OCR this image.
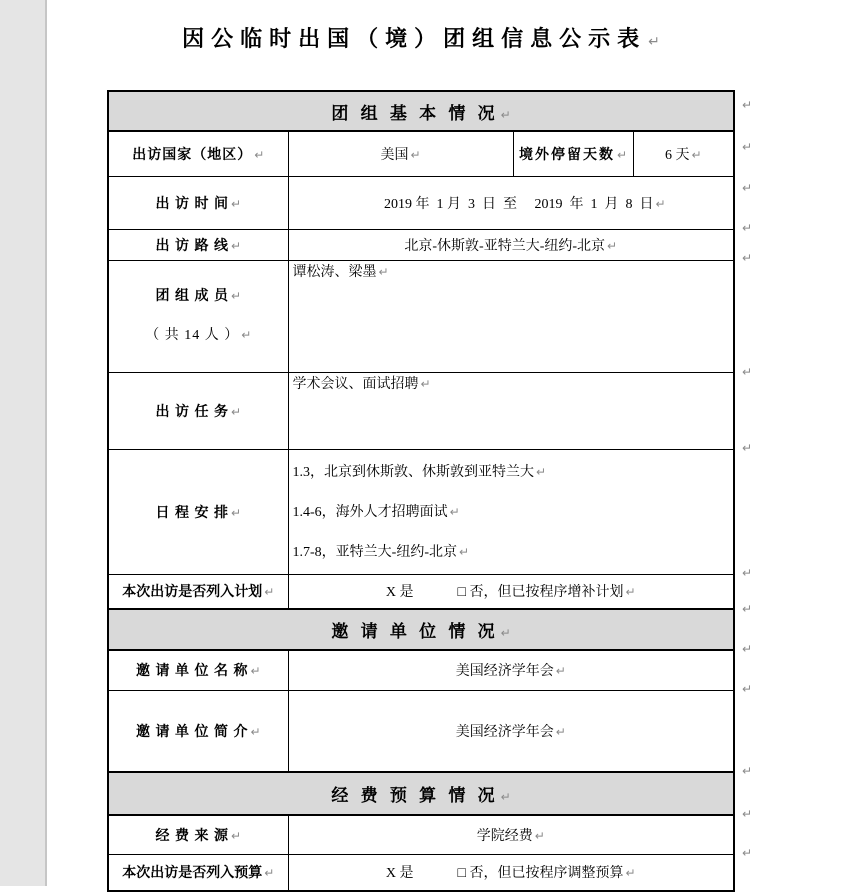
因公临时出国（境）团组信息公示表 ↵
团 组 基 本 情 况 ↵			
出访国家（地区） ↵	美国 ↵	境外停留天数 ↵	6 天 ↵
出 访 时 间 ↵	2019 年  1 月  3  日  至     2019  年  1  月  8  日 ↵		

出 访 路 线 ↵	北京-休斯敦-亚特兰大-纽约-北京 ↵		

团 组 成 员 ↵
（ 共 14 人 ） ↵	谭松涛、梁墨 ↵		
出 访 任 务 ↵	学术会议、面试招聘 ↵		
日 程 安 排 ↵	1.3，北京到休斯敦、休斯敦到亚特兰大 ↵
1.4-6，海外人才招聘面试 ↵
1.7-8，亚特兰大-纽约-北京 ↵		

本次出访是否列入计划 ↵	X 是 □ 否，但已按程序增补计划 ↵		
邀 请 单 位 情 况 ↵			
邀 请 单 位 名 称 ↵	美国经济学年会 ↵		
邀 请 单 位 简 介 ↵	美国经济学年会 ↵		
经 费 预 算 情 况 ↵			
经 费 来 源 ↵	学院经费 ↵		
本次出访是否列入预算 ↵	X 是 □ 否，但已按程序调整预算 ↵		
↵
↵
↵
↵
↵
↵
↵
↵
↵
↵
↵
↵
↵
↵
